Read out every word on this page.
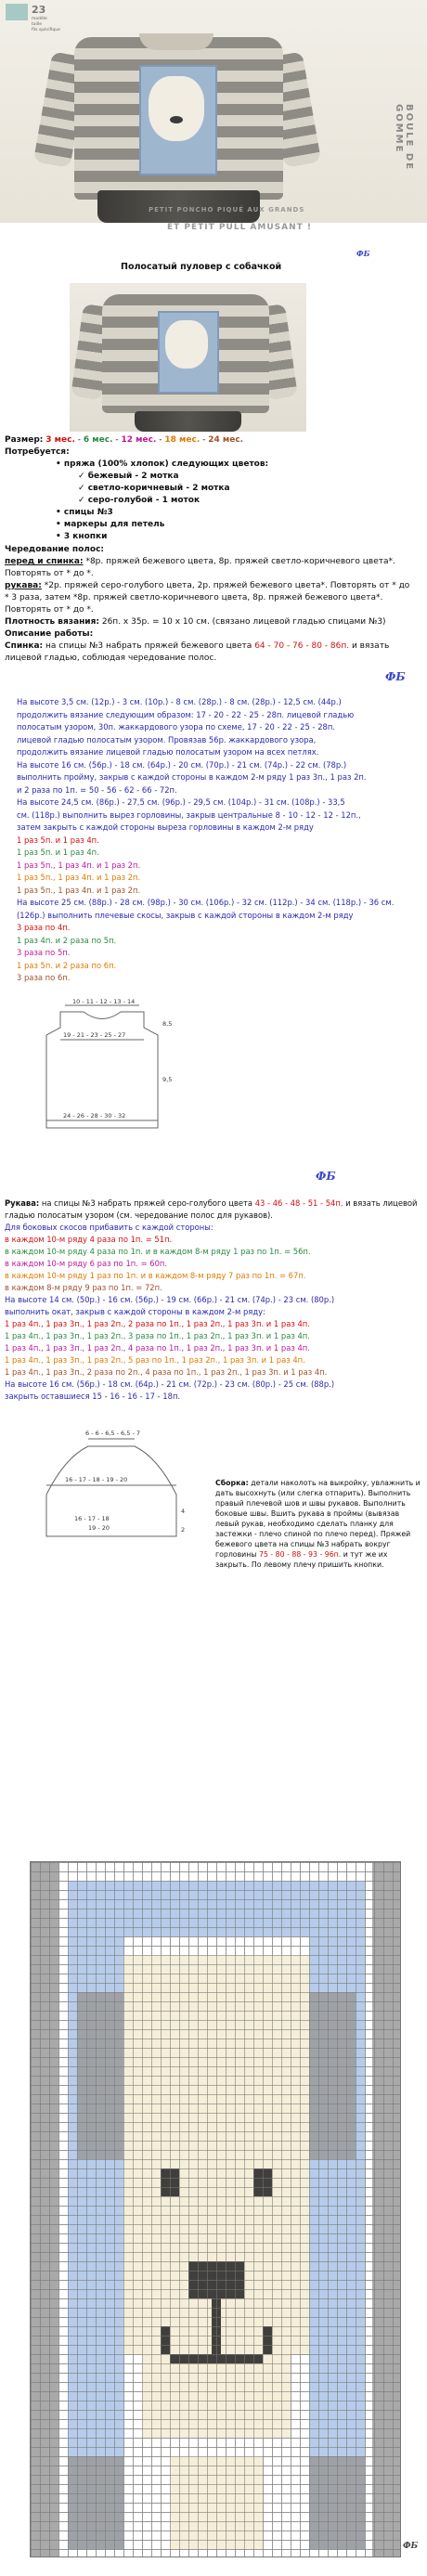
23
modèle
taille
fils spécifique
BOULE DE GOMME
PETIT PONCHO PIQUÉ AUX GRANDS
ET PETIT PULL AMUSANT !
ФБ
Полосатый пуловер с собачкой
Размер: 3 мес. - 6 мес. - 12 мес. - 18 мес. - 24 мес.
Потребуется:
• пряжа (100% хлопок) следующих цветов:
✓ бежевый - 2 мотка
✓ светло-коричневый - 2 мотка
✓ серо-голубой - 1 моток
• спицы №3
• маркеры для петель
• 3 кнопки
Чередование полос:
перед и спинка: *8р. пряжей бежевого цвета, 8р. пряжей светло-коричневого цвета*. Повторять от * до *.
рукава: *2р. пряжей серо-голубого цвета, 2р. пряжей бежевого цвета*. Повторять от * до * 3 раза, затем *8р. пряжей светло-коричневого цвета, 8р. пряжей бежевого цвета*. Повторять от * до *.
Плотность вязания: 26п. х 35р. = 10 х 10 см. (связано лицевой гладью спицами №3)
Описание работы:
Спинка: на спицы №3 набрать пряжей бежевого цвета 64 - 70 - 76 - 80 - 86п. и вязать лицевой гладью, соблюдая чередование полос.
ФБ
На высоте 3,5 см. (12р.) - 3 см. (10р.) - 8 см. (28р.) - 8 см. (28р.) - 12,5 см. (44р.)
продолжить вязание следующим образом: 17 - 20 - 22 - 25 - 28п. лицевой гладью
полосатым узором, 30п. жаккардового узора по схеме, 17 - 20 - 22 - 25 - 28п.
лицевой гладью полосатым узором. Провязав 56р. жаккардового узора,
продолжить вязание лицевой гладью полосатым узором на всех петлях.
На высоте 16 см. (56р.) - 18 см. (64р.) - 20 см. (70р.) - 21 см. (74р.) - 22 см. (78р.)
выполнить пройму, закрыв с каждой стороны в каждом 2-м ряду 1 раз 3п., 1 раз 2п.
и 2 раза по 1п. = 50 - 56 - 62 - 66 - 72п.
На высоте 24,5 см. (86р.) - 27,5 см. (96р.) - 29,5 см. (104р.) - 31 см. (108р.) - 33,5
см. (118р.) выполнить вырез горловины, закрыв центральные 8 - 10 - 12 - 12 - 12п.,
затем закрыть с каждой стороны выреза горловины в каждом 2-м ряду
1 раз 5п. и 1 раз 4п.
1 раз 5п. и 1 раз 4п.
1 раз 5п., 1 раз 4п. и 1 раз 2п.
1 раз 5п., 1 раз 4п. и 1 раз 2п.
1 раз 5п., 1 раз 4п. и 1 раз 2п.
На высоте 25 см. (88р.) - 28 см. (98р.) - 30 см. (106р.) - 32 см. (112р.) - 34 см. (118р.) - 36 см.
(126р.) выполнить плечевые скосы, закрыв с каждой стороны в каждом 2-м ряду
3 раза по 4п.
1 раз 4п. и 2 раза по 5п.
3 раза по 5п.
1 раз 5п. и 2 раза по 6п.
3 раза по 6п.
10 - 11 - 12 - 13 - 14
19 - 21 - 23 - 25 - 27
24 - 26 - 28 - 30 - 32
8,5
9,5
ФБ
Рукава: на спицы №3 набрать пряжей серо-голубого цвета 43 - 46 - 48 - 51 - 54п. и вязать лицевой гладью полосатым узором (см. чередование полос для рукавов).
Для боковых скосов прибавить с каждой стороны:
в каждом 10-м ряду 4 раза по 1п. = 51п.
в каждом 10-м ряду 4 раза по 1п. и в каждом 8-м ряду 1 раз по 1п. = 56п.
в каждом 10-м ряду 6 раз по 1п. = 60п.
в каждом 10-м ряду 1 раз по 1п. и в каждом 8-м ряду 7 раз по 1п. = 67п.
в каждом 8-м ряду 9 раз по 1п. = 72п.
На высоте 14 см. (50р.) - 16 см. (56р.) - 19 см. (66р.) - 21 см. (74р.) - 23 см. (80р.)
выполнить окат, закрыв с каждой стороны в каждом 2-м ряду:
1 раз 4п., 1 раз 3п., 1 раз 2п., 2 раза по 1п., 1 раз 2п., 1 раз 3п. и 1 раз 4п.
1 раз 4п., 1 раз 3п., 1 раз 2п., 3 раза по 1п., 1 раз 2п., 1 раз 3п. и 1 раз 4п.
1 раз 4п., 1 раз 3п., 1 раз 2п., 4 раза по 1п., 1 раз 2п., 1 раз 3п. и 1 раз 4п.
1 раз 4п., 1 раз 3п., 1 раз 2п., 5 раз по 1п., 1 раз 2п., 1 раз 3п. и 1 раз 4п.
1 раз 4п., 1 раз 3п., 2 раза по 2п., 4 раза по 1п., 1 раз 2п., 1 раз 3п. и 1 раз 4п.
На высоте 16 см. (56р.) - 18 см. (64р.) - 21 см. (72р.) - 23 см. (80р.) - 25 см. (88р.)
закрыть оставшиеся 15 - 16 - 16 - 17 - 18п.
6 - 6 - 6,5 - 6,5 - 7
16 - 17 - 18 - 19 - 20
2
4
16 - 17 - 18
19 - 20
Сборка: детали наколоть на выкройку, увлажнить и дать высохнуть (или слегка отпарить). Выполнить правый плечевой шов и швы рукавов. Выполнить боковые швы. Вшить рукава в проймы (вывязав левый рукав, необходимо сделать планку для застежки - плечо спиной по плечо перед). Пряжей бежевого цвета на спицы №3 набрать вокруг горловины 75 - 80 - 88 - 93 - 96п. и тут же их закрыть. По левому плечу пришить кнопки.
ФБ
